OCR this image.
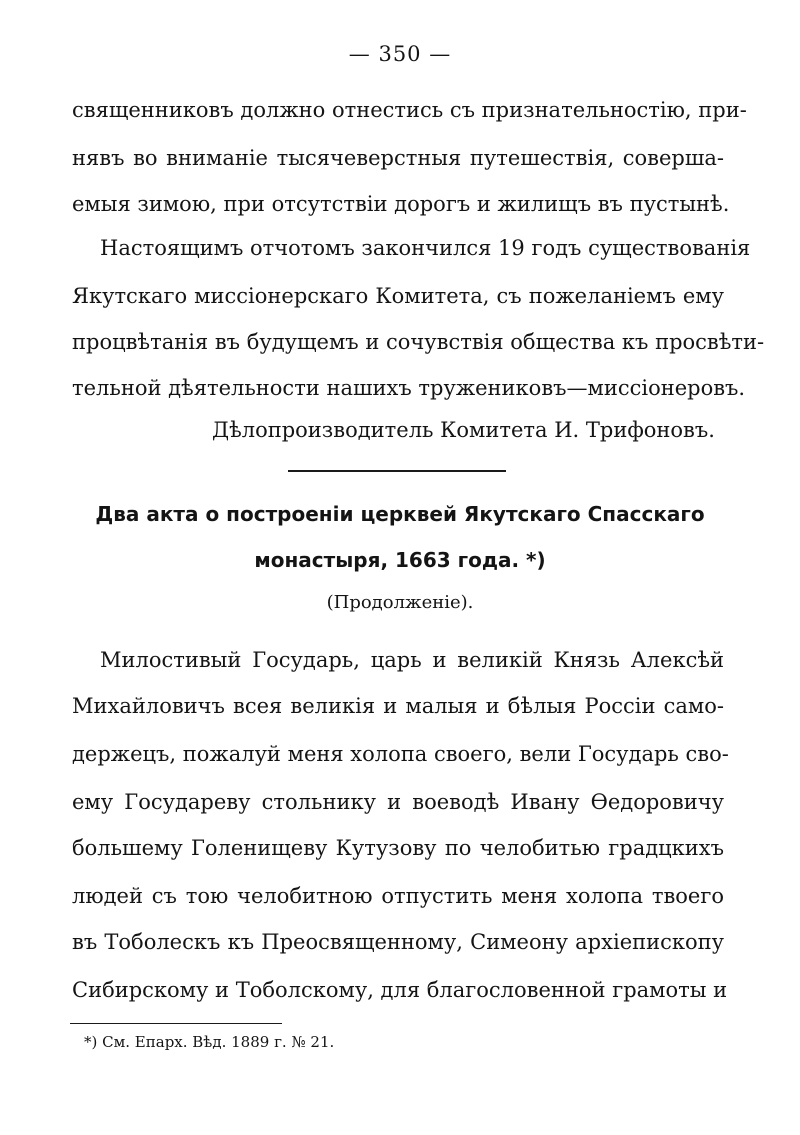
— 350 —
священниковъ должно отнестись съ признательностію, при-
нявъ во вниманіе тысячеверстныя путешествія, соверша-
емыя зимою, при отсутствіи дорогъ и жилищъ въ пустынѣ.
Настоящимъ отчотомъ закончился 19 годъ существованія
Якутскаго миссіонерскаго Комитета, съ пожеланіемъ ему
процвѣтанія въ будущемъ и сочувствія общества къ просвѣти-
тельной дѣятельности нашихъ тружениковъ—миссіонеровъ.
Дѣлопроизводитель Комитета И. Трифоновъ.
Два акта о построеніи церквей Якутскаго Спасскаго
монастыря, 1663 года. *)
(Продолженіе).
Милостивый Государь, царь и великій Князь Алексѣй
Михайловичъ всея великія и малыя и бѣлыя Россіи само-
держецъ, пожалуй меня холопа своего, вели Государь сво-
ему Государеву стольнику и воеводѣ Ивану Өедоровичу
большему Голенищеву Кутузову по челобитью градцкихъ
людей съ тою челобитною отпустить меня холопа твоего
въ Тоболескъ къ Преосвященному, Симеону архіепископу
Сибирскому и Тоболскому, для благословенной грамоты и
*) См. Епарх. Вѣд. 1889 г. № 21.
